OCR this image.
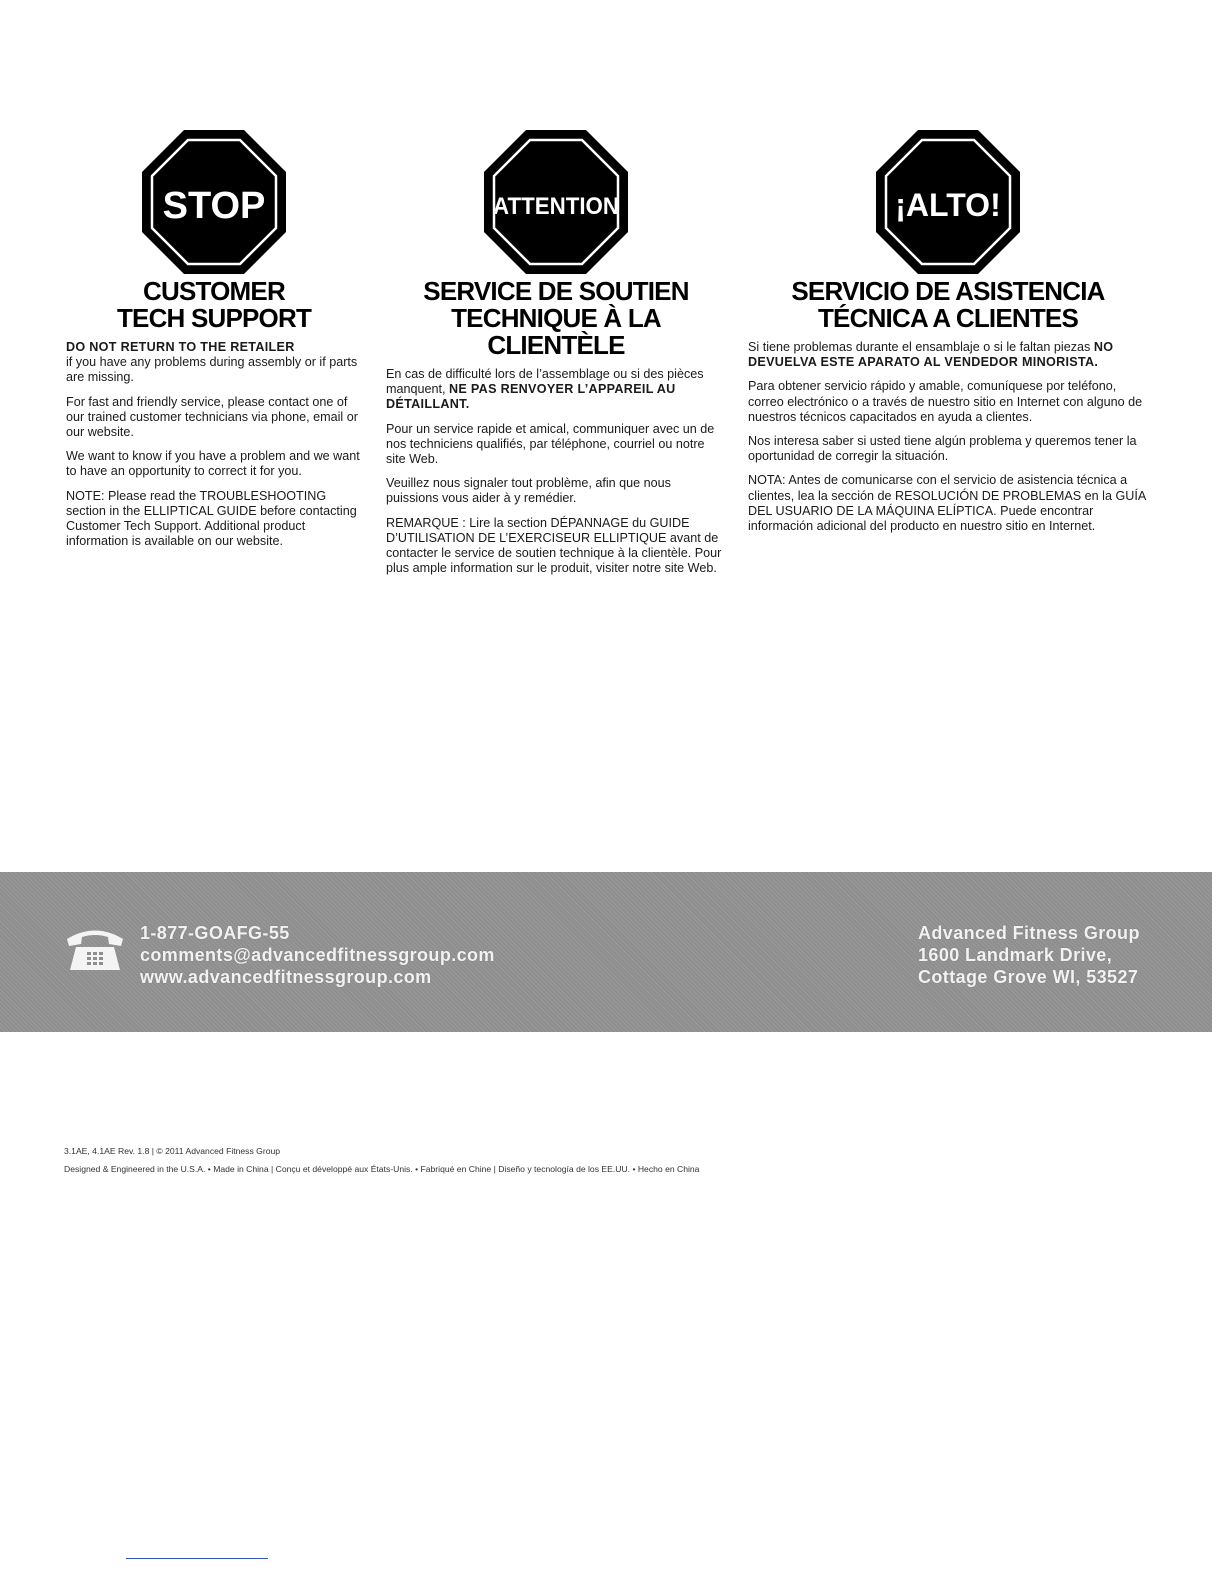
STOP
CUSTOMER
TECH SUPPORT

DO NOT RETURN TO THE RETAILER
if you have any problems during assembly or if parts are missing.

For fast and friendly service, please contact one of our trained customer technicians via phone, email or our website.

We want to know if you have a problem and we want to have an opportunity to correct it for you.

NOTE: Please read the TROUBLESHOOTING section in the ELLIPTICAL GUIDE before contacting Customer Tech Support. Additional product information is available on our website.

ATTENTION
SERVICE DE SOUTIEN
TECHNIQUE À LA CLIENTÈLE

En cas de difficulté lors de l’assemblage ou si des pièces manquent, NE PAS RENVOYER L’APPAREIL AU DÉTAILLANT.

Pour un service rapide et amical, communiquer avec un de nos techniciens qualifiés, par téléphone, courriel ou notre site Web.

Veuillez nous signaler tout problème, afin que nous puissions vous aider à y remédier.

REMARQUE : Lire la section DÉPANNAGE du GUIDE D’UTILISATION DE L’EXERCISEUR ELLIPTIQUE avant de contacter le service de soutien technique à la clientèle. Pour plus ample information sur le produit, visiter notre site Web.

¡ALTO!
SERVICIO DE ASISTENCIA
TÉCNICA A CLIENTES

Si tiene problemas durante el ensamblaje o si le faltan piezas NO DEVUELVA ESTE APARATO AL VENDEDOR MINORISTA.

Para obtener servicio rápido y amable, comuníquese por teléfono, correo electrónico o a través de nuestro sitio en Internet con alguno de nuestros técnicos capacitados en ayuda a clientes.

Nos interesa saber si usted tiene algún problema y queremos tener la oportunidad de corregir la situación.

NOTA: Antes de comunicarse con el servicio de asistencia técnica a clientes, lea la sección de RESOLUCIÓN DE PROBLEMAS en la GUÍA DEL USUARIO DE LA MÁQUINA ELÍPTICA. Puede encontrar información adicional del producto en nuestro sitio en Internet.

1-877-GOAFG-55
comments@advancedfitnessgroup.com
www.advancedfitnessgroup.com
Advanced Fitness Group
1600 Landmark Drive,
Cottage Grove WI, 53527
3.1AE, 4.1AE Rev. 1.8 | © 2011 Advanced Fitness Group
Designed & Engineered in the U.S.A. • Made in China | Conçu et développé aux États-Unis. • Fabriqué en Chine | Diseño y tecnología de los EE.UU. • Hecho en China
